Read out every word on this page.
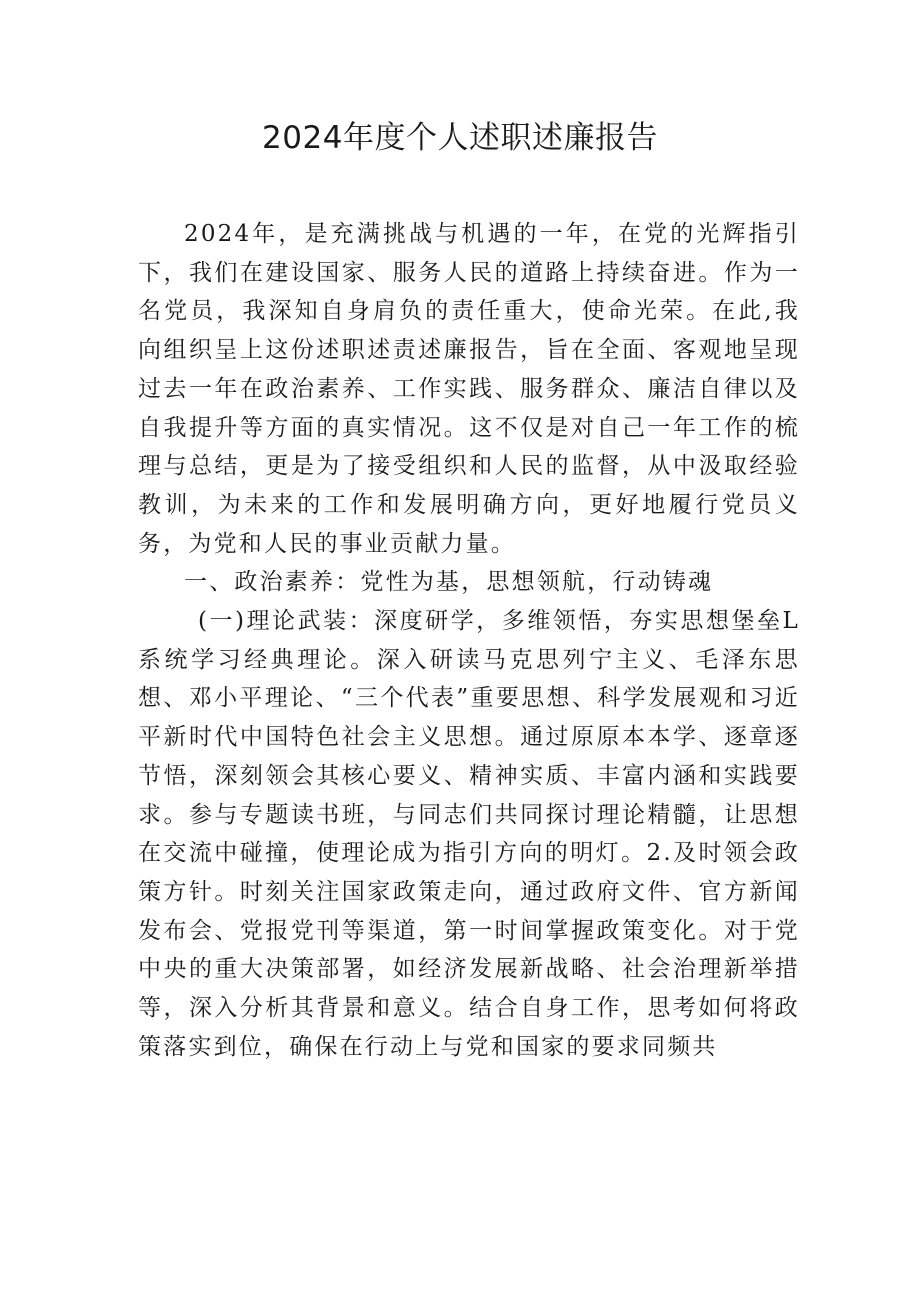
2024年度个人述职述廉报告

2024年，是充满挑战与机遇的一年，在党的光辉指引下，我们在建设国家、服务人民的道路上持续奋进。作为一名党员，我深知自身肩负的责任重大，使命光荣。在此,我向组织呈上这份述职述责述廉报告，旨在全面、客观地呈现过去一年在政治素养、工作实践、服务群众、廉洁自律以及自我提升等方面的真实情况。这不仅是对自己一年工作的梳理与总结，更是为了接受组织和人民的监督，从中汲取经验教训，为未来的工作和发展明确方向，更好地履行党员义务，为党和人民的事业贡献力量。

一、政治素养：党性为基，思想领航，行动铸魂

(一)理论武装：深度研学，多维领悟，夯实思想堡垒L系统学习经典理论。深入研读马克思列宁主义、毛泽东思想、邓小平理论、“三个代表”重要思想、科学发展观和习近平新时代中国特色社会主义思想。通过原原本本学、逐章逐节悟，深刻领会其核心要义、精神实质、丰富内涵和实践要求。参与专题读书班，与同志们共同探讨理论精髓，让思想在交流中碰撞，使理论成为指引方向的明灯。2.及时领会政策方针。时刻关注国家政策走向，通过政府文件、官方新闻发布会、党报党刊等渠道，第一时间掌握政策变化。对于党中央的重大决策部署，如经济发展新战略、社会治理新举措等，深入分析其背景和意义。结合自身工作，思考如何将政策落实到位，确保在行动上与党和国家的要求同频共
